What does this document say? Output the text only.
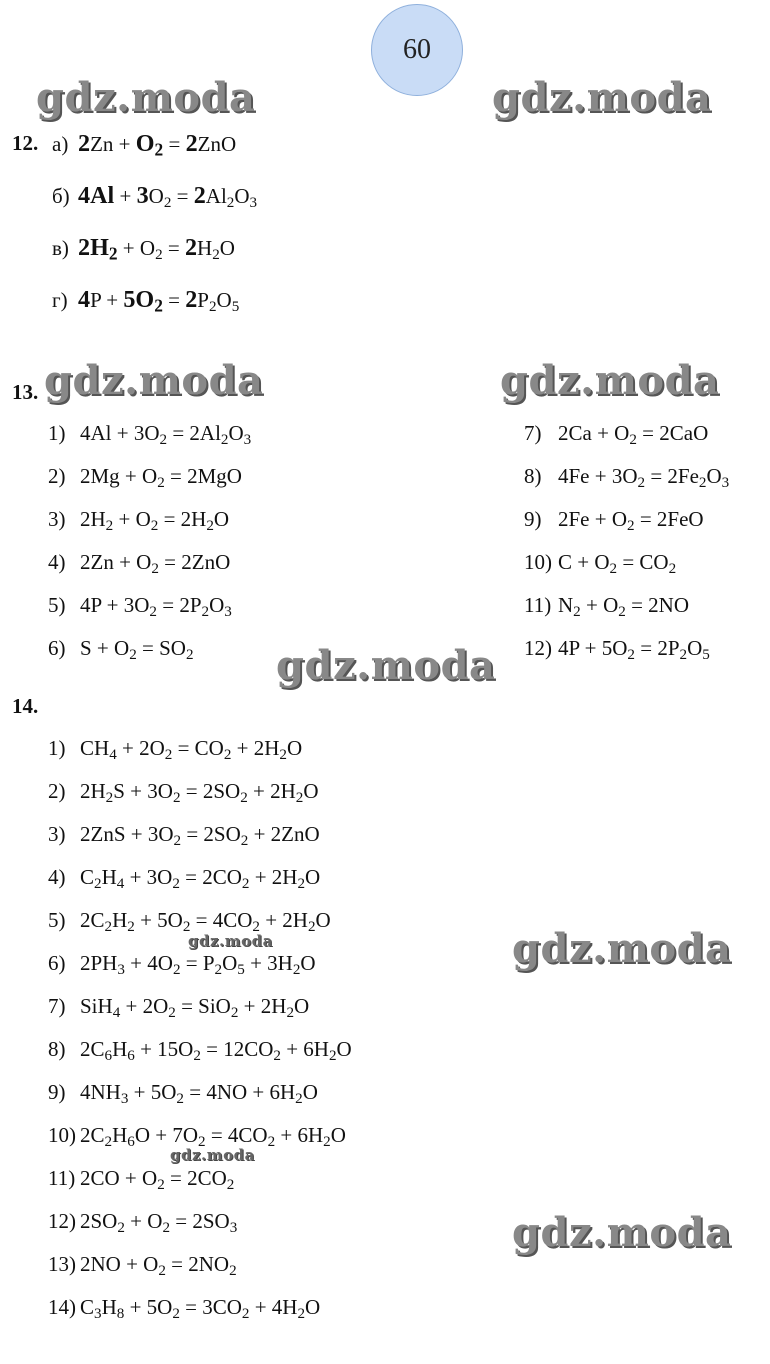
60
gdz.moda	gdz.moda
gdz.moda	gdz.moda
gdz.moda
gdz.moda
gdz.moda
gdz.moda
gdz.moda
12. а) $2Zn + O_2 = 2ZnO$
б) $4Al + 3O_2 = 2Al_2O_3$
в) $2H_2 + O_2 = 2H_2O$
г) $4P + 5O_2 = 2P_2O_5$
13.
1) $4Al + 3O_2 = 2Al_2O_3$
2) $2Mg + O_2 = 2MgO$
3) $2H_2 + O_2 = 2H_2O$
4) $2Zn + O_2 = 2ZnO$
5) $4P + 3O_2 = 2P_2O_3$
6) $S + O_2 = SO_2$
7) $2Ca + O_2 = 2CaO$
8) $4Fe + 3O_2 = 2Fe_2O_3$
9) $2Fe + O_2 = 2FeO$
10) $C + O_2 = CO_2$
11) $N_2 + O_2 = 2NO$
12) $4P + 5O_2 = 2P_2O_5$
14.
1) $CH_4 + 2O_2 = CO_2 + 2H_2O$
2) $2H_2S + 3O_2 = 2SO_2 + 2H_2O$
3) $2ZnS + 3O_2 = 2SO_2 + 2ZnO$
4) $C_2H_4 + 3O_2 = 2CO_2 + 2H_2O$
5) $2C_2H_2 + 5O_2 = 4CO_2 + 2H_2O$
6) $2PH_3 + 4O_2 = P_2O_5 + 3H_2O$
7) $SiH_4 + 2O_2 = SiO_2 + 2H_2O$
8) $2C_6H_6 + 15O_2 = 12CO_2 + 6H_2O$
9) $4NH_3 + 5O_2 = 4NO + 6H_2O$
10) $2C_2H_6O + 7O_2 = 4CO_2 + 6H_2O$
11) $2CO + O_2 = 2CO_2$
12) $2SO_2 + O_2 = 2SO_3$
13) $2NO + O_2 = 2NO_2$
14) $C_3H_8 + 5O_2 = 3CO_2 + 4H_2O$
